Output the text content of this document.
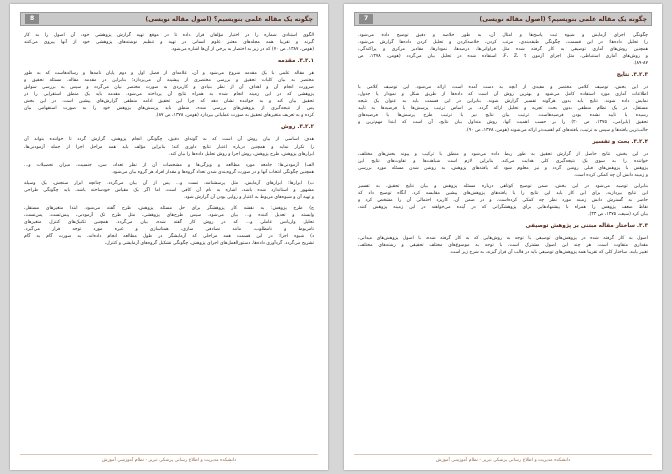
چگونه یک مقاله علمی بنویسیم؟ (اصول مقاله نویسی)
8
الگوی استنادی شماره را در اختیار مؤلفان قرار داده تا در موقع تهیه گزارش پژوهشی خود، آن اصول را به کار
گیرند و تقریبا همه مجله‌های معتبر علوم انسانی در تهیه و تنظیم نوشته‌های پژوهشی خود از آنها پیروی می‌کنند
(هومن، ۱۳۸۷، ص ۷۰) که در زیر به اختصار به برخی از آن‌ها اشاره می‌شود.
۳.۲.۱. مقدمه
هر مقاله علمی با یک مقدمه شروع می‌شود و آن، علامه‌ای از فصل اول و دوم پایان نامه‌ها و رساله‌هاست که به طور
مختصر به بیان کلیات تحقیق و بررسی مختصری از پیشینه آن می‌پردازد؛ بنابراین در مقدمه مقاله، مسئله تحقیق و
ضرورت انجام آن و اهداف آن از نظر بنیادی و کاربردی به صورت مختصر بیان می‌گردد و سپس به بررسی سوابق
پژوهشی که در این زمینه انجام شده به همراه نتایج آن پرداخته می‌شود. مقدمه باید یک منطق استقرایی را در
تحقیق بیان کند و به خواننده نشان دهد که چرا این تحقیق ادامه منطقی گزارش‌های پیشین است. در این بخش
پس از نتیجه‌گیری از پژوهش‌های بررسی شده، منطق باید پرسش‌های پژوهش خود را به صورت استفهامی بیان
کرده و به تعریف متغیرهای تحقیق به صورت عملیاتی بپردازد (هومن، ۱۳۷۸، ص ۸۷).
۳.۲.۲. روش
هدف اساسی از بیان روش آن است که به گونه‌ای دقیق، چگونگی انجام پژوهش، گزارش گردد تا خواننده بتواند آن
را تکرار نماید و همچنین درباره اعتبار نتایج داوری کند؛ بنابراین مؤلف باید همه مراحل اجرا از جمله آزمودنی‌ها،
ابزارهای پژوهش، طرح پژوهش، روش اجرا و روش تحلیل داده‌ها را بیان کند.
الف) آزمودنی‌ها: جامعه مورد مطالعه و ویژگی‌ها و مشخصات آن از نظر تعداد، سن، جنسیت، میزان تحصیلات و...
همچنین چگونگی انتخاب آنها و در صورت گروه‌بندی شدن تعداد گروه‌ها و مقدار افراد هر گروه بیان می‌شود.
ب) ابزارها: ابزارهای آزمایش، مثل پرسشنامه، تست و... پس از آن بیان می‌گردد. چنانچه ابزار سنجش، یک وسیله
مشهور و استاندارد شده باشد، اشاره به نام آن کافی است، اما اگر یک مقیاس خودساخته باشد، باید چگونگی طراحی
و تهیه آن و شیوه‌های مربوط به اعتبار و روایی بودن آن گزارش شود.
ج) طرح پژوهش: به نقشه کار پژوهشگر برای حل مسئله پژوهش، طرح گفته می‌شود. ابتدا متغیرهای مستقل،
وابسته و تعدیل کننده و... بیان می‌شود. سپس طرح‌های پژوهشی، مثل طرح تک آزمودنی، پیش‌تست، پس‌تست،
تحلیل واریانس عاملی و... که در روش کار گفته شده، بیان می‌گردد. همچنین تکنیک‌های کنترل متغیرهای
نامربوط و نامطلوب، مانند تصادفی سازی، همتاسازی و غیره مورد توجه قرار می‌گیرد.
د) شیوه اجرا: در این قسمت همه مراحلی که آزمایشگر در طول مطالعه انجام داده‌اند، به صورت گام به گام
تشریح می‌گردد. گردآوری داده‌ها، دستورالعمل‌های اجرای پژوهش، چگونگی تشکیل گروه‌های آزمایشی و کنترل،
دانشکده مدیریت و اطلاع رسانی پزشکی تبریز - نظام آموزشی آموزش
چگونه یک مقاله علمی بنویسیم؟ (اصول مقاله نویسی)
7
چگونگی اجرای آزمایش و شیوه ثبت پاسخ‌ها و امثال آن، به طور خلاصه و دقیق توضیح داده می‌شود.
ر) تحلیل داده‌ها: در این قسمت، چگونگی طبقه‌بندی، مرتب کردن، خلاصه‌کردن و تحلیل کردن داده‌ها گزارش می‌شود.
همچنین روش‌های آماری توصیفی به کار گرفته شده مثل فراوانی‌ها، درصدها، نمودارها، مقادیر مرکزی و پراکندگی،
و روش‌های آماری استنباطی، مثل اجرای آزمون F، Z، t، استفاده شده در تحلیل بیان می‌گردد (هومن، ۱۳۷۸، ص
۸۹-۸۷).
۳.۲.۳. نتایج
در این بخش، توصیف کلامی مختصر و مفیدی از آنچه به دست آمده است، ارائه می‌شود. این توصیف کلامی با
اطلاعات آماری مورد استفاده کامل می‌شود و بهترین روش آن است که داده‌ها از طریق شکل و نمودار یا جدول،
نمایش داده شوند. نتایج باید بدون هرگونه تفسیر گزارش شوند. بنابراین در این قسمت باید به عنوان یک نتیجه
مستقل، در یک نظام منطقی بدون بحث تجزیه و تحلیل ارائه گردد. بر اساس ترتیب پرسش‌ها یا فرضیه‌ها به تأیید
رسیده یا تأیید نشده بودن فرضیه‌هاست. ترتیب بیان نتایج نیز با ترتیب طرح پرسش‌ها یا فرضیه‌های
تحقیق (بایرامی، ۱۳۷۵، ص ۲۰) را بر حسب اهمیت آنها، روش متداول بیان نتایج، آن است که ابتدا مهم‌ترین و
جالب‌ترین یافته‌ها و سپس به ترتیب، یافته‌های کم اهمیت‌تر ارائه می‌شوند (هومن، ۱۳۷۸، ص ۹۰).
۳.۲.۴. بحث و تفسیر
در این بخش، نتایج حاصل از گزارش تحقیق به طور ربط داده می‌شود و منطق با ترکیب و پیوند بخش‌های مختلف،
خواننده را به سوی یک نتیجه‌گیری کلی هدایت می‌کند. بنابراین لازم است شباهت‌ها و تفاوت‌های نتایج این
پژوهش با پژوهش‌های قبلی روشن گردد و نیز معلوم شود که یافته‌های پژوهش، به روشن شدن مسئله مورد بررسی
و زمینه دانش آن چه کمکی کرده است.
بنابراین توصیه می‌شود در این بخش، ضمن توضیح کوتاهی درباره مسئله پژوهش و بیان نتایج تحقیق، به تفسیر
این نتایج بپردازید، برای این کار باید این نتایج را با یافته‌های پژوهش‌های پیشین مقایسه کرد. آنگاه توضیح داد که
حاضر به گسترش دانش زمینه مورد نظر چه کمکی کرده‌است، و در ضمن آن، کاربرد احتمالی آن را مشخص کرد و
نقاط ضعف پژوهش را همراه با پیشنهادهایی برای پژوهشگرانی که در آینده می‌خواهند در این زمینه پژوهش کنند،
بیان کرد (سیف، ۱۳۷۵، ص ۳۳).
۳.۳. ساختار مقاله مبتنی بر پژوهش توصیفی
اصول به کار گرفته شده در پژوهش‌های توصیفی با توجه به روش‌هایی که به کار گرفته شده، با اصول پژوهش‌های میدانی،
مقداری متفاوت است. هر چند این اصول مشترک است، با توجه به موضوع‌های مختلف تحقیقی و رشته‌های مختلف،
تغییر یابند. ساختار کلی که تقریبا همه پژوهش‌های توصیفی باید در قالب آن قرار گیرند، به شرح زیر است.
دانشکده مدیریت و اطلاع رسانی پزشکی تبریز - نظام آموزشی آموزش
